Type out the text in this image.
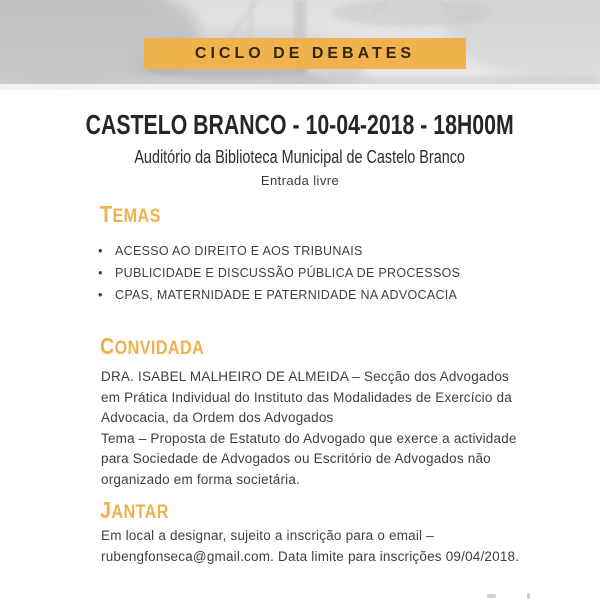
CICLO DE DEBATES
CASTELO BRANCO - 10-04-2018 - 18H00M
Auditório da Biblioteca Municipal de Castelo Branco
Entrada livre
TEMAS
• ACESSO AO DIREITO E AOS TRIBUNAIS
• PUBLICIDADE E DISCUSSÃO PÚBLICA DE PROCESSOS
• CPAS, MATERNIDADE E PATERNIDADE NA ADVOCACIA
CONVIDADA

DRA. ISABEL MALHEIRO DE ALMEIDA – Secção dos Advogados em Prática Individual do Instituto das Modalidades de Exercício da Advocacia, da Ordem dos Advogados

Tema – Proposta de Estatuto do Advogado que exerce a actividade para Sociedade de Advogados ou Escritório de Advogados não organizado em forma societária.

JANTAR

Em local a designar, sujeito a inscrição para o email – rubengfonseca@gmail.com. Data limite para inscrições 09/04/2018.
